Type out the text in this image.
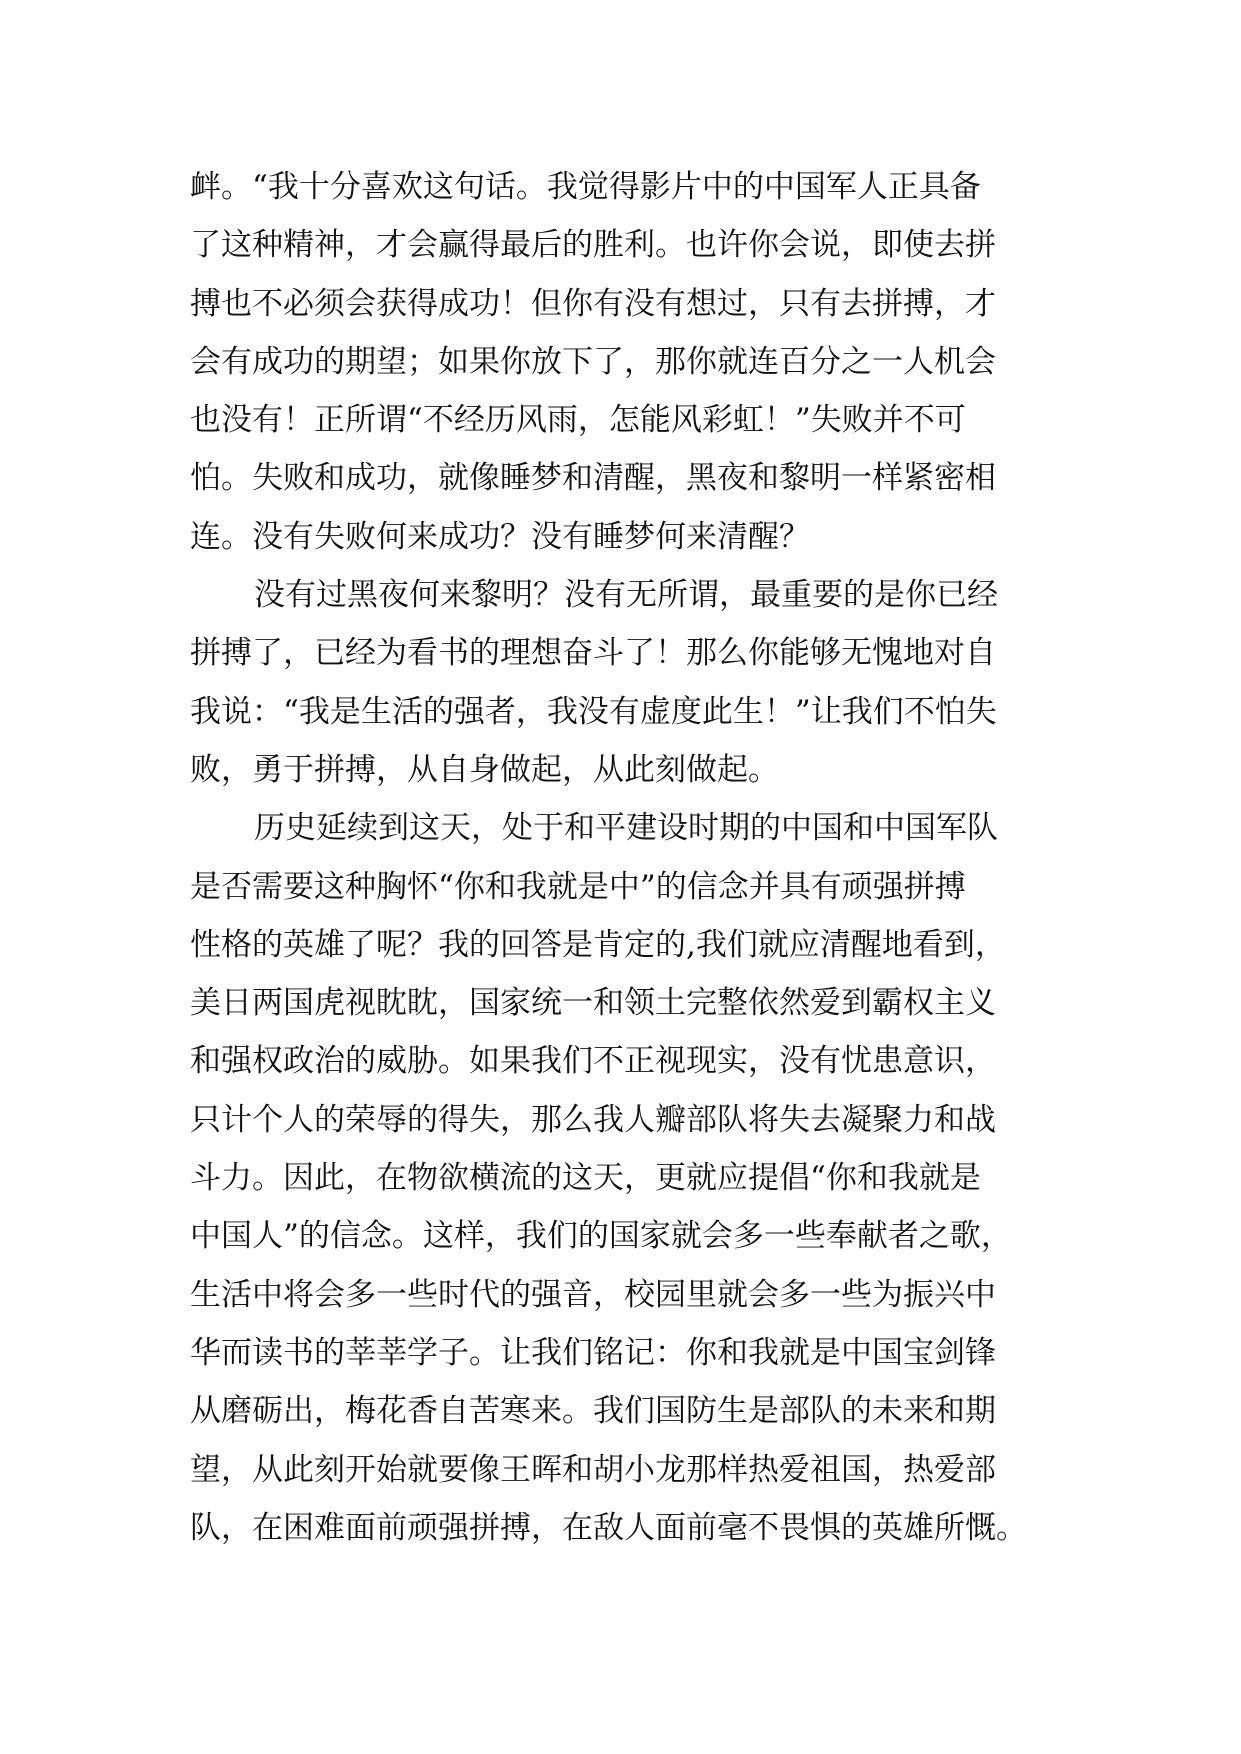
衅。“我十分喜欢这句话。我觉得影片中的中国军人正具备
了这种精神，才会赢得最后的胜利。也许你会说，即使去拼
搏也不必须会获得成功！但你有没有想过，只有去拼搏，才
会有成功的期望；如果你放下了，那你就连百分之一人机会
也没有！正所谓“不经历风雨，怎能风彩虹！”失败并不可
怕。失败和成功，就像睡梦和清醒，黑夜和黎明一样紧密相
连。没有失败何来成功？没有睡梦何来清醒？
没有过黑夜何来黎明？没有无所谓，最重要的是你已经
拼搏了，已经为看书的理想奋斗了！那么你能够无愧地对自
我说：“我是生活的强者，我没有虚度此生！”让我们不怕失
败，勇于拼搏，从自身做起，从此刻做起。
历史延续到这天，处于和平建设时期的中国和中国军队
是否需要这种胸怀“你和我就是中”的信念并具有顽强拼搏
性格的英雄了呢？我的回答是肯定的,我们就应清醒地看到，
美日两国虎视眈眈，国家统一和领土完整依然爱到霸权主义
和强权政治的威胁。如果我们不正视现实，没有忧患意识，
只计个人的荣辱的得失，那么我人瓣部队将失去凝聚力和战
斗力。因此，在物欲横流的这天，更就应提倡“你和我就是
中国人”的信念。这样，我们的国家就会多一些奉献者之歌，
生活中将会多一些时代的强音，校园里就会多一些为振兴中
华而读书的莘莘学子。让我们铭记：你和我就是中国宝剑锋
从磨砺出，梅花香自苦寒来。我们国防生是部队的未来和期
望，从此刻开始就要像王晖和胡小龙那样热爱祖国，热爱部
队，在困难面前顽强拼搏，在敌人面前毫不畏惧的英雄所慨。
